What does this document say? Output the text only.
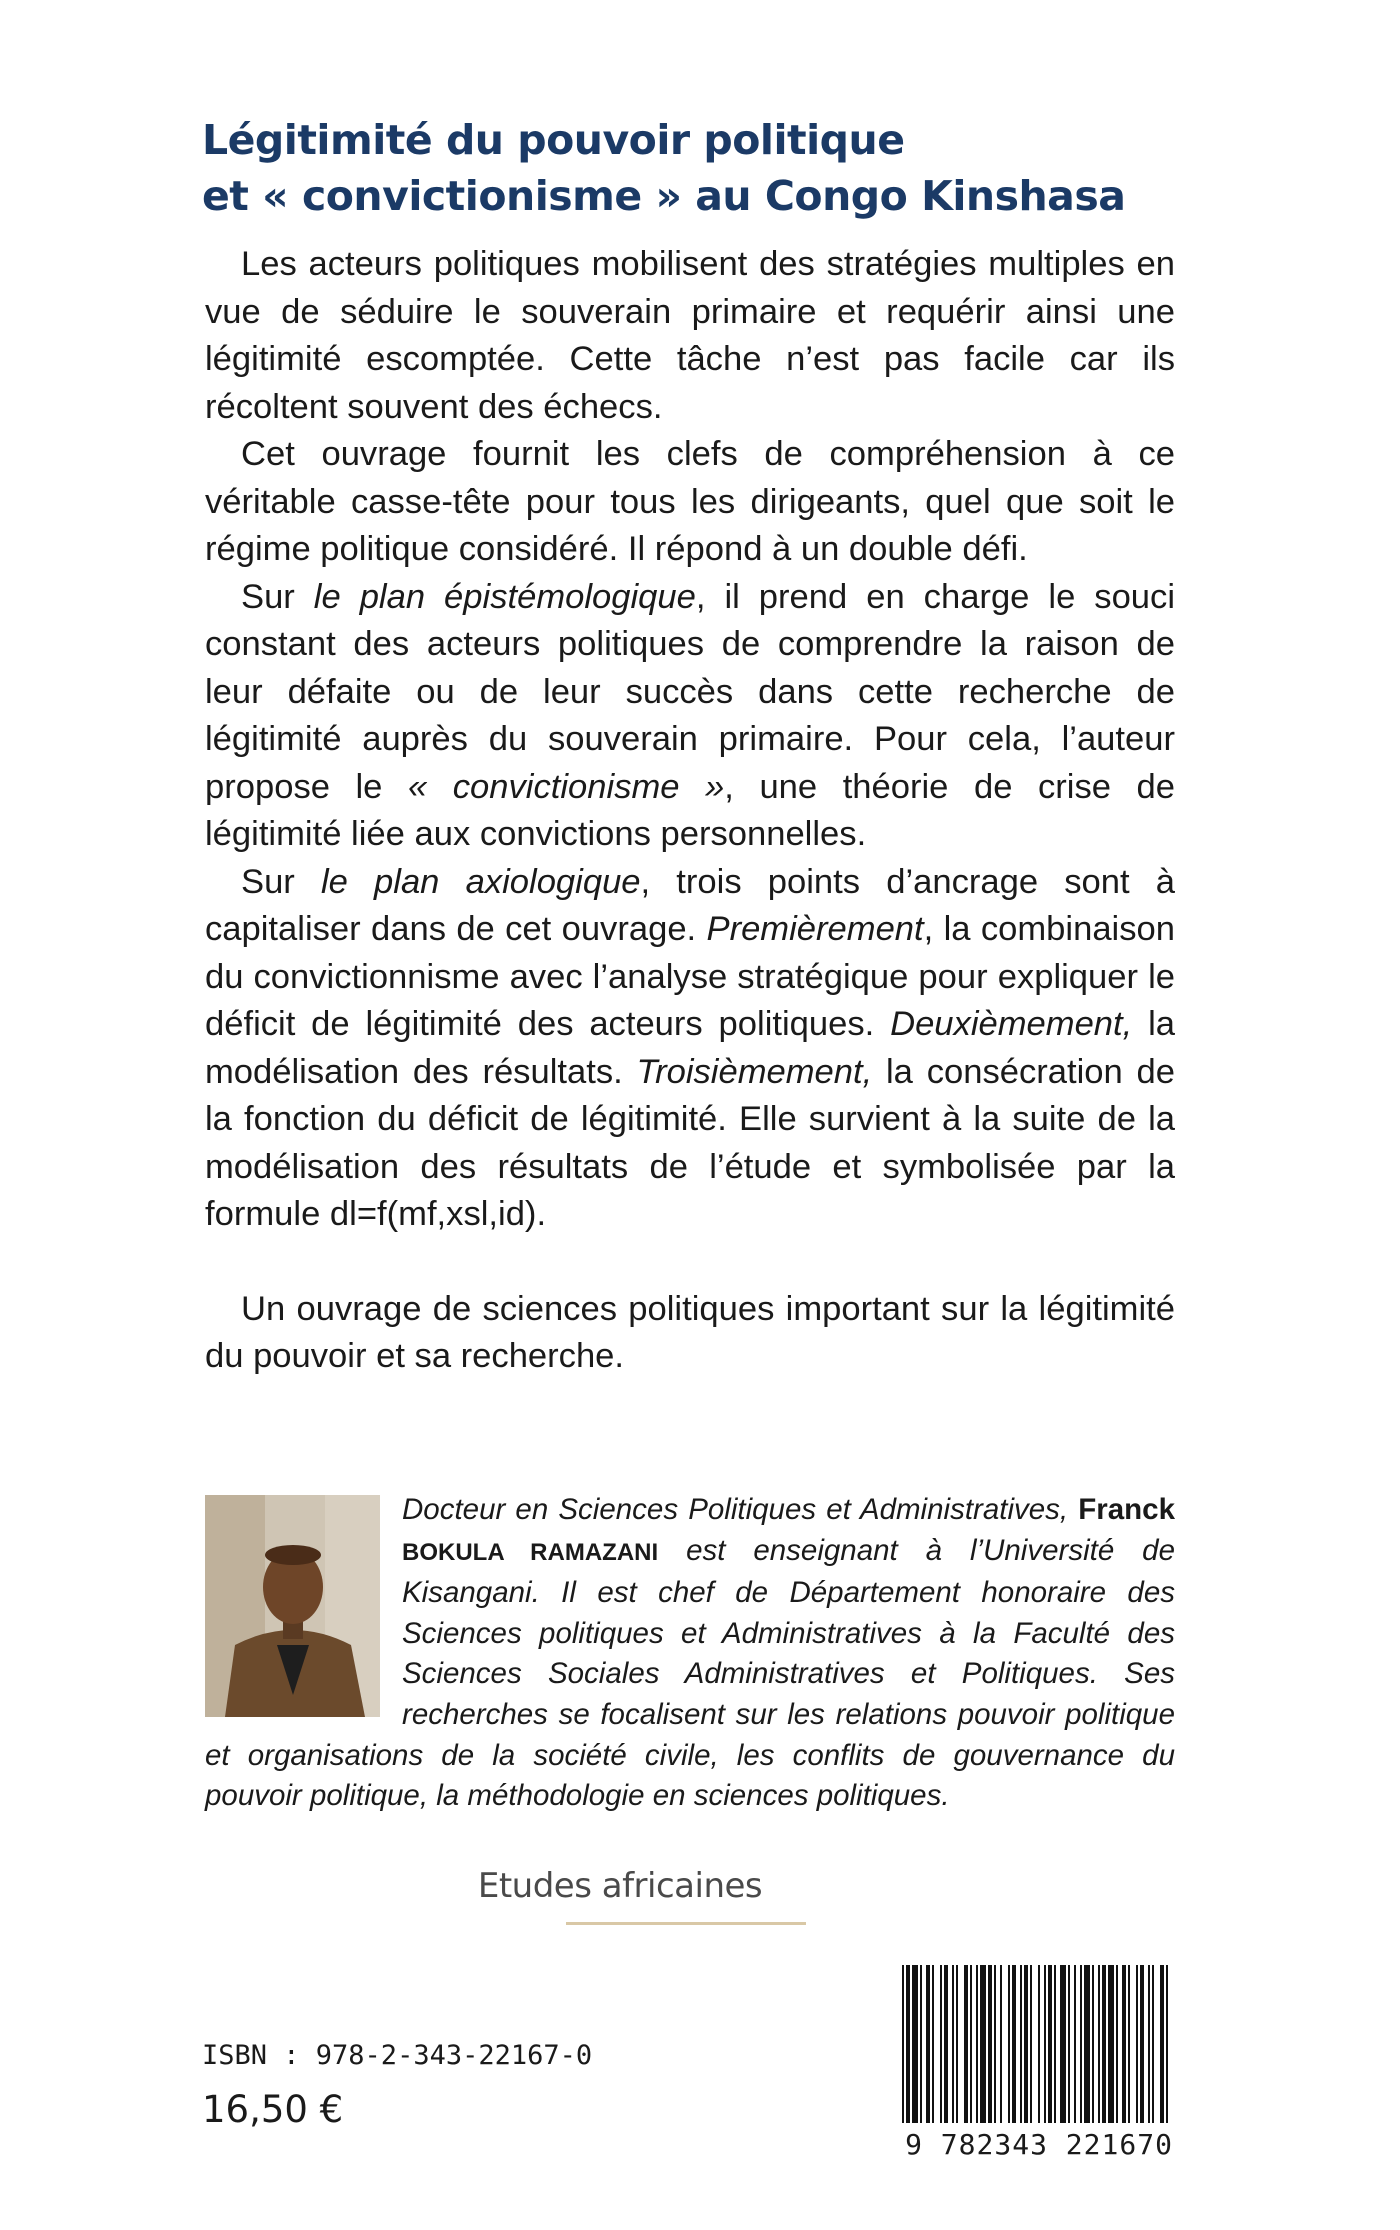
Légitimité du pouvoir politique
et « convictionisme » au Congo Kinshasa

Les acteurs politiques mobilisent des stratégies multiples en vue de séduire le souverain primaire et requérir ainsi une légitimité escomptée. Cette tâche n’est pas facile car ils récoltent souvent des échecs.

Cet ouvrage fournit les clefs de compréhension à ce véritable casse-tête pour tous les dirigeants, quel que soit le régime politique considéré. Il répond à un double défi.

Sur le plan épistémologique, il prend en charge le souci constant des acteurs politiques de comprendre la raison de leur défaite ou de leur succès dans cette recherche de légitimité auprès du souverain primaire. Pour cela, l’auteur propose le « convictionisme », une théorie de crise de légitimité liée aux convictions personnelles.

Sur le plan axiologique, trois points d’ancrage sont à capitaliser dans de cet ouvrage. Premièrement, la combinaison du convictionnisme avec l’analyse stratégique pour expliquer le déficit de légitimité des acteurs politiques. Deuxièmement, la modélisation des résultats. Troisièmement, la consécration de la fonction du déficit de légitimité. Elle survient à la suite de la modélisation des résultats de l’étude et symbolisée par la formule dl=f(mf,xsl,id).

Un ouvrage de sciences politiques important sur la légitimité du pouvoir et sa recherche.

Docteur en Sciences Politiques et Administratives, Franck BOKULA RAMAZANI est enseignant à l’Université de Kisangani. Il est chef de Département honoraire des Sciences politiques et Administratives à la Faculté des Sciences Sociales Administratives et Politiques. Ses recherches se focalisent sur les relations pouvoir politique et organisations de la société civile, les conflits de gouvernance du pouvoir politique, la méthodologie en sciences politiques.

Etudes africaines
ISBN : 978-2-343-22167-0
16,50 €
9 782343 221670
